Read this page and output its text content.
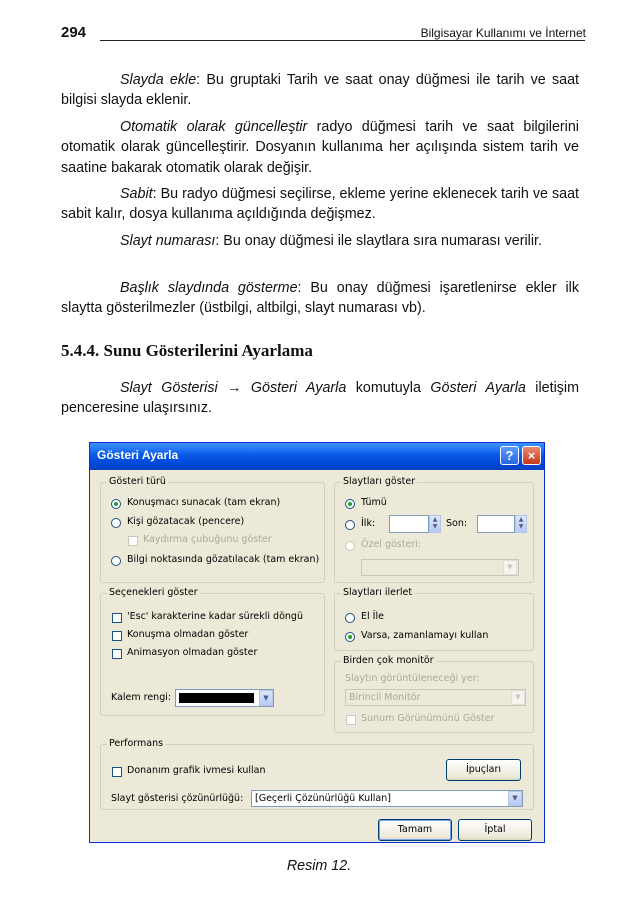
294	Bilgisayar Kullanımı ve İnternet
Slayda ekle: Bu gruptaki Tarih ve saat onay düğmesi ile tarih ve saat bilgisi slayda eklenir.
Otomatik olarak güncelleştir radyo düğmesi tarih ve saat bilgilerini otomatik olarak güncelleştirir. Dosyanın kullanıma her açılışında sistem tarih ve saatine bakarak otomatik olarak değişir.
Sabit: Bu radyo düğmesi seçilirse, ekleme yerine eklenecek tarih ve saat sabit kalır, dosya kullanıma açıldığında değişmez.
Slayt numarası: Bu onay düğmesi ile slaytlara sıra numarası verilir.
Başlık slaydında gösterme: Bu onay düğmesi işaretlenirse ekler ilk slaytta gösterilmezler (üstbilgi, altbilgi, slayt numarası vb).
5.4.4. Sunu Gösterilerini Ayarlama
Slayt Gösterisi → Gösteri Ayarla komutuyla Gösteri Ayarla iletişim penceresine ulaşırsınız.
Gösteri Ayarla	?	×
Gösteri türü
Konuşmacı sunacak (tam ekran)
Kişi gözatacak (pencere)
Kaydırma çubuğunu göster
Bilgi noktasında gözatılacak (tam ekran)
Slaytları göster
Tümü
İlk:	▲
▼ Son:	▲
▼
Özel gösteri:
▼
Seçenekleri göster
'Esc' karakterine kadar sürekli döngü
Konuşma olmadan göster
Animasyon olmadan göster
Kalem rengi:	▼
Slaytları ilerlet
El İle
Varsa, zamanlamayı kullan
Birden çok monitör
Slaytın görüntüleneceği yer:
Birincil Monitör	▼
Sunum Görünümünü Göster
Performans
Donanım grafik ivmesi kullan	İpuçları
Slayt gösterisi çözünürlüğü: [Geçerli Çözünürlüğü Kullan]	▼
Tamam	İptal
Resim 12.
